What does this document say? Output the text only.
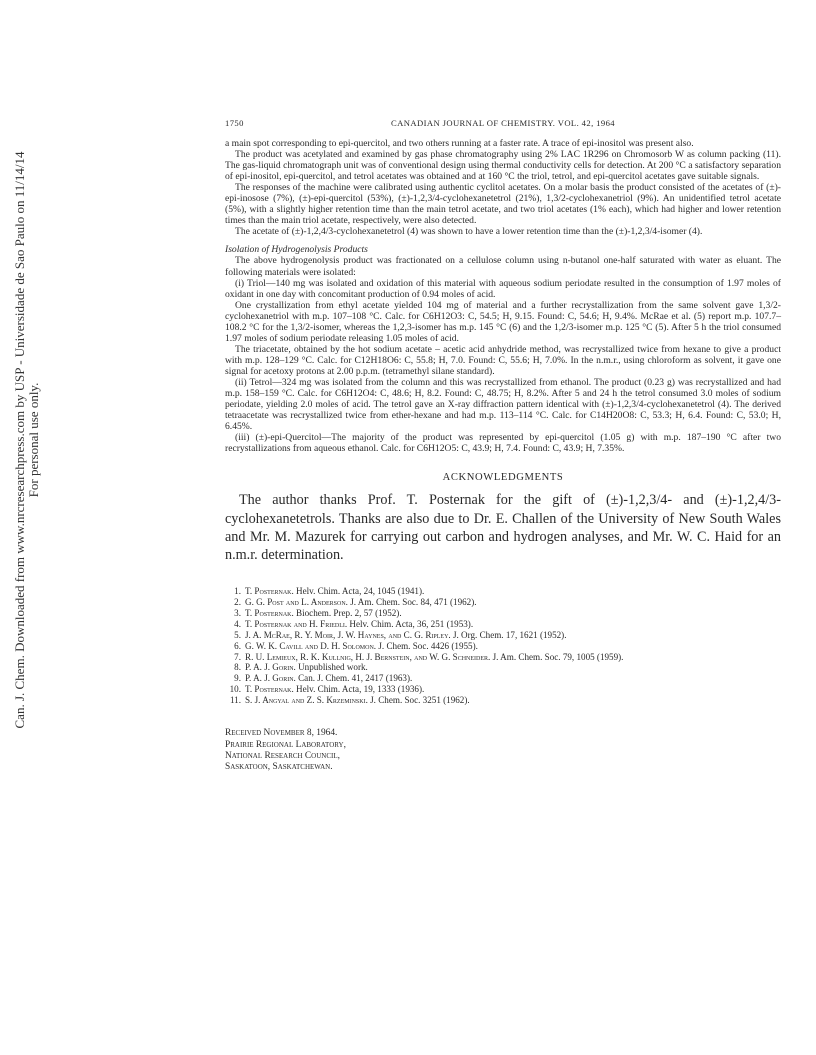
Can. J. Chem. Downloaded from www.nrcresearchpress.com by USP - Universidade de Sao Paulo on 11/14/14 For personal use only.
1750	CANADIAN JOURNAL OF CHEMISTRY. VOL. 42, 1964

a main spot corresponding to epi-quercitol, and two others running at a faster rate. A trace of epi-inositol was present also.

The product was acetylated and examined by gas phase chromatography using 2% LAC 1R296 on Chromosorb W as column packing (11). The gas-liquid chromatograph unit was of conventional design using thermal conductivity cells for detection. At 200 °C a satisfactory separation of epi-inositol, epi-quercitol, and tetrol acetates was obtained and at 160 °C the triol, tetrol, and epi-quercitol acetates gave suitable signals.

The responses of the machine were calibrated using authentic cyclitol acetates. On a molar basis the product consisted of the acetates of (±)-epi-inosose (7%), (±)-epi-quercitol (53%), (±)-1,2,3/4-cyclohexanetetrol (21%), 1,3/2-cyclohexanetriol (9%). An unidentified tetrol acetate (5%), with a slightly higher retention time than the main tetrol acetate, and two triol acetates (1% each), which had higher and lower retention times than the main triol acetate, respectively, were also detected.

The acetate of (±)-1,2,4/3-cyclohexanetetrol (4) was shown to have a lower retention time than the (±)-1,2,3/4-isomer (4).

Isolation of Hydrogenolysis Products

The above hydrogenolysis product was fractionated on a cellulose column using n-butanol one-half saturated with water as eluant. The following materials were isolated:

(i) Triol—140 mg was isolated and oxidation of this material with aqueous sodium periodate resulted in the consumption of 1.97 moles of oxidant in one day with concomitant production of 0.94 moles of acid.

One crystallization from ethyl acetate yielded 104 mg of material and a further recrystallization from the same solvent gave 1,3/2-cyclohexanetriol with m.p. 107–108 °C. Calc. for C6H12O3: C, 54.5; H, 9.15. Found: C, 54.6; H, 9.4%. McRae et al. (5) report m.p. 107.7–108.2 °C for the 1,3/2-isomer, whereas the 1,2,3-isomer has m.p. 145 °C (6) and the 1,2/3-isomer m.p. 125 °C (5). After 5 h the triol consumed 1.97 moles of sodium periodate releasing 1.05 moles of acid.

The triacetate, obtained by the hot sodium acetate – acetic acid anhydride method, was recrystallized twice from hexane to give a product with m.p. 128–129 °C. Calc. for C12H18O6: C, 55.8; H, 7.0. Found: C, 55.6; H, 7.0%. In the n.m.r., using chloroform as solvent, it gave one signal for acetoxy protons at 2.00 p.p.m. (tetramethyl silane standard).

(ii) Tetrol—324 mg was isolated from the column and this was recrystallized from ethanol. The product (0.23 g) was recrystallized and had m.p. 158–159 °C. Calc. for C6H12O4: C, 48.6; H, 8.2. Found: C, 48.75; H, 8.2%. After 5 and 24 h the tetrol consumed 3.0 moles of sodium periodate, yielding 2.0 moles of acid. The tetrol gave an X-ray diffraction pattern identical with (±)-1,2,3/4-cyclohexanetetrol (4). The derived tetraacetate was recrystallized twice from ether-hexane and had m.p. 113–114 °C. Calc. for C14H20O8: C, 53.3; H, 6.4. Found: C, 53.0; H, 6.45%.

(iii) (±)-epi-Quercitol—The majority of the product was represented by epi-quercitol (1.05 g) with m.p. 187–190 °C after two recrystallizations from aqueous ethanol. Calc. for C6H12O5: C, 43.9; H, 7.4. Found: C, 43.9; H, 7.35%.

ACKNOWLEDGMENTS

The author thanks Prof. T. Posternak for the gift of (±)-1,2,3/4- and (±)-1,2,4/3-cyclohexanetetrols. Thanks are also due to Dr. E. Challen of the University of New South Wales and Mr. M. Mazurek for carrying out carbon and hydrogen analyses, and Mr. W. C. Haid for an n.m.r. determination.

1. T. Posternak. Helv. Chim. Acta, 24, 1045 (1941).
2. G. G. Post and L. Anderson. J. Am. Chem. Soc. 84, 471 (1962).
3. T. Posternak. Biochem. Prep. 2, 57 (1952).
4. T. Posternak and H. Friedli. Helv. Chim. Acta, 36, 251 (1953).
5. J. A. McRae, R. Y. Moir, J. W. Haynes, and C. G. Ripley. J. Org. Chem. 17, 1621 (1952).
6. G. W. K. Cavill and D. H. Solomon. J. Chem. Soc. 4426 (1955).
7. R. U. Lemieux, R. K. Kullnig, H. J. Bernstein, and W. G. Schneider. J. Am. Chem. Soc. 79, 1005 (1959).
8. P. A. J. Gorin. Unpublished work.
9. P. A. J. Gorin. Can. J. Chem. 41, 2417 (1963).
10. T. Posternak. Helv. Chim. Acta, 19, 1333 (1936).
11. S. J. Angyal and Z. S. Krzeminski. J. Chem. Soc. 3251 (1962).
Received November 8, 1964.
Prairie Regional Laboratory,
National Research Council,
Saskatoon, Saskatchewan.
